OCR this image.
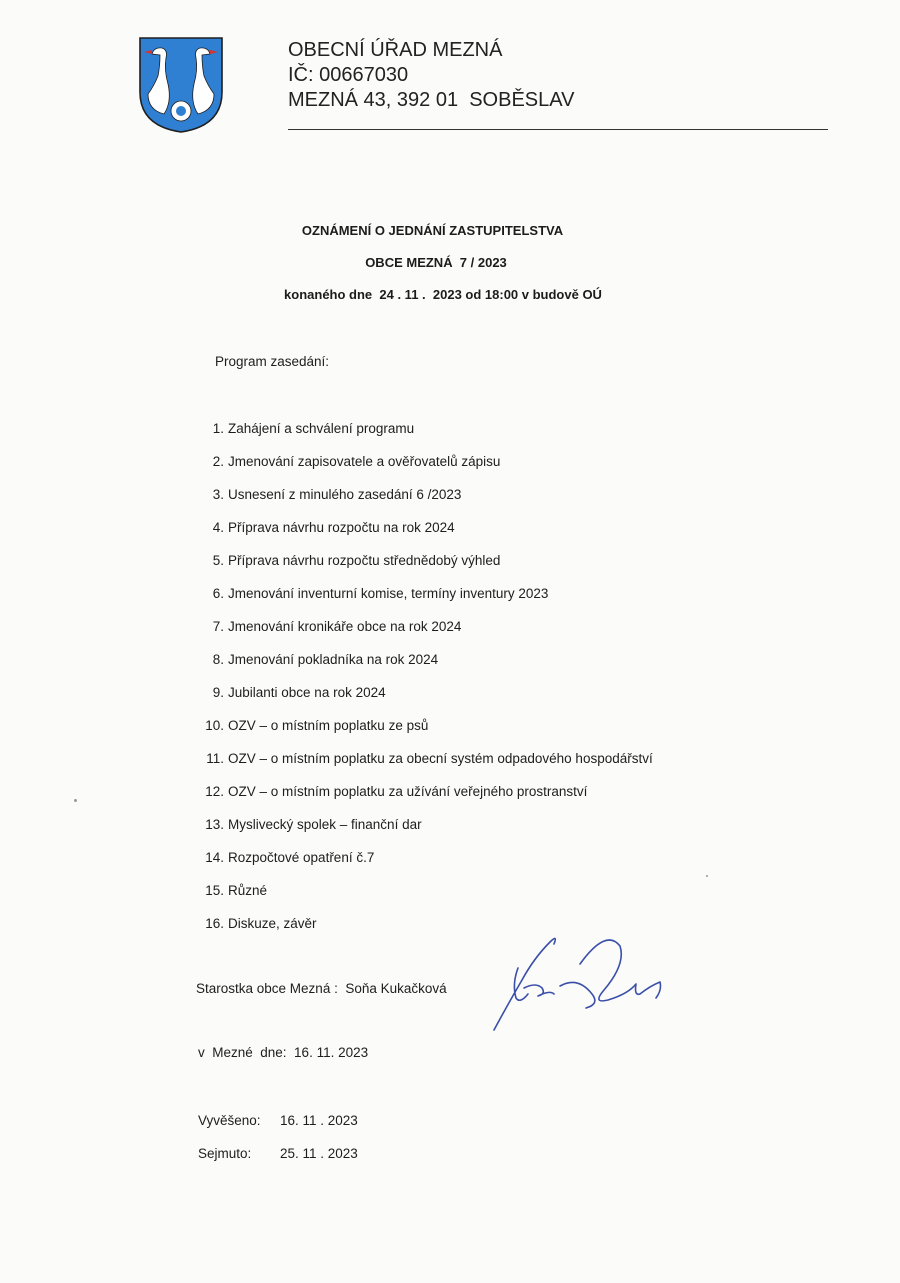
OBECNÍ ÚŘAD MEZNÁ
IČ: 00667030
MEZNÁ 43, 392 01  SOBĚSLAV
OZNÁMENÍ O JEDNÁNÍ ZASTUPITELSTVA
OBCE MEZNÁ  7 / 2023
konaného dne  24 . 11 .  2023 od 18:00 v budově OÚ
Program zasedání:
1. Zahájení a schválení programu
2. Jmenování zapisovatele a ověřovatelů zápisu
3. Usnesení z minulého zasedání 6 /2023
4. Příprava návrhu rozpočtu na rok 2024
5. Příprava návrhu rozpočtu střednědobý výhled
6. Jmenování inventurní komise, termíny inventury 2023
7. Jmenování kronikáře obce na rok 2024
8. Jmenování pokladníka na rok 2024
9. Jubilanti obce na rok 2024
10. OZV – o místním poplatku ze psů
11. OZV – o místním poplatku za obecní systém odpadového hospodářství
12. OZV – o místním poplatku za užívání veřejného prostranství
13. Myslivecký spolek – finanční dar
14. Rozpočtové opatření č.7
15. Různé
16. Diskuze, závěr
Starostka obce Mezná :  Soňa Kukačková
v  Mezné  dne:  16. 11. 2023
Vyvěšeno: 16. 11 . 2023
Sejmuto: 25. 11 . 2023
